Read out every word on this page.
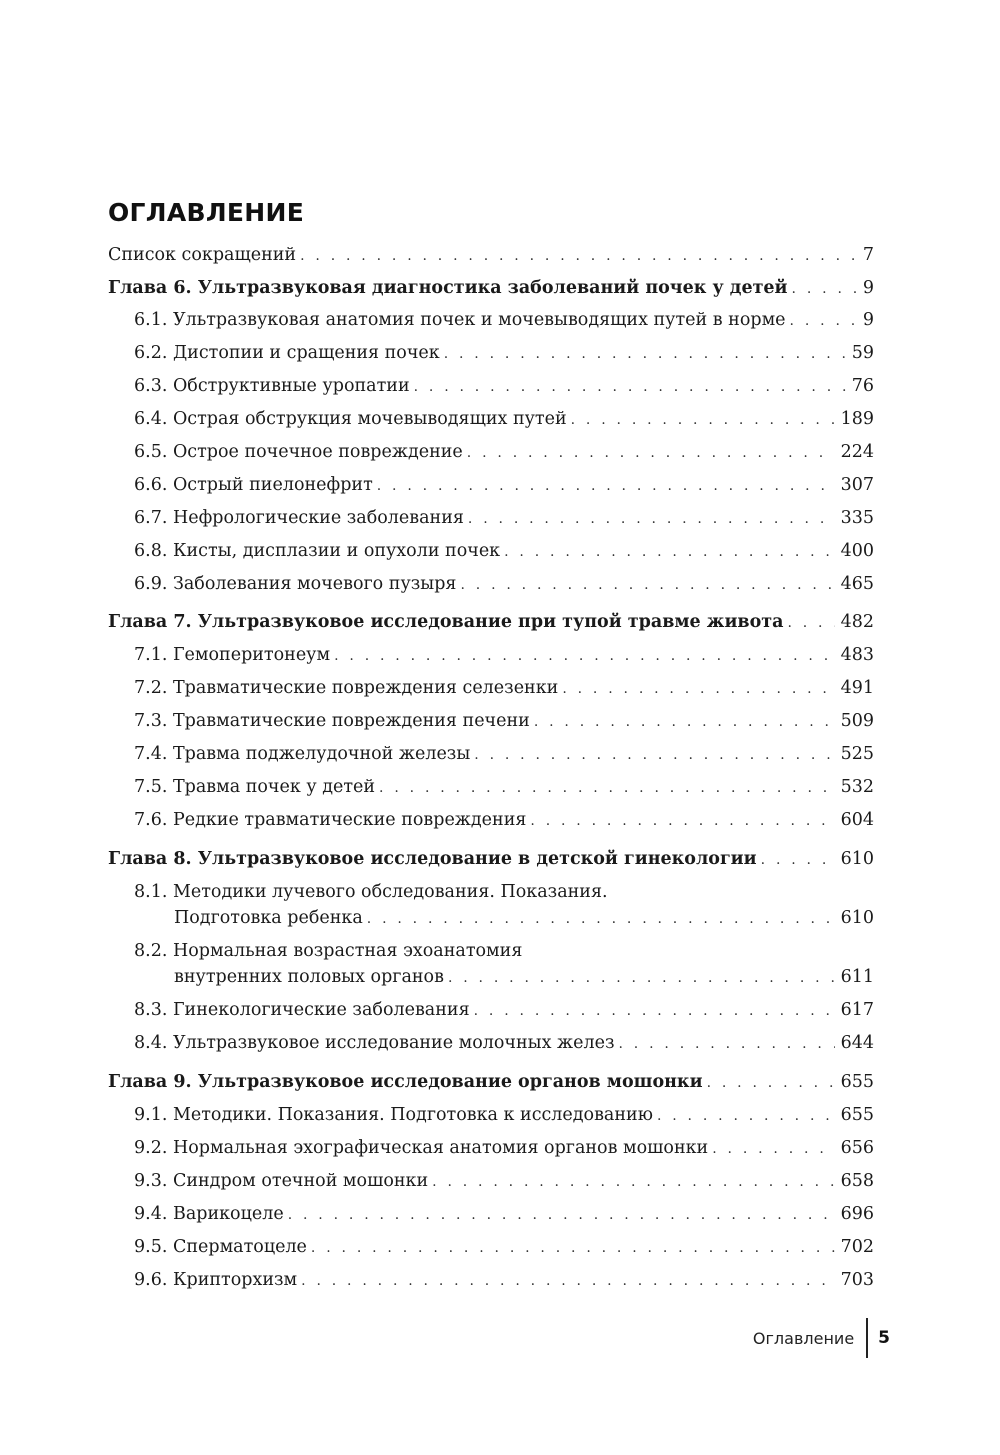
ОГЛАВЛЕНИЕ
Список сокращений . . .	7
Глава 6. Ультразвуковая диагностика заболеваний почек у детей . . .	9
6.1. Ультразвуковая анатомия почек и мочевыводящих путей в норме . . .	9
6.2. Дистопии и сращения почек . . .	59
6.3. Обструктивные уропатии . . .	76
6.4. Острая обструкция мочевыводящих путей . . .	189
6.5. Острое почечное повреждение . . .	224
6.6. Острый пиелонефрит . . .	307
6.7. Нефрологические заболевания . . .	335
6.8. Кисты, дисплазии и опухоли почек . . .	400
6.9. Заболевания мочевого пузыря . . .	465
Глава 7. Ультразвуковое исследование при тупой травме живота . . .	482
7.1. Гемоперитонеум . . .	483
7.2. Травматические повреждения селезенки . . .	491
7.3. Травматические повреждения печени . . .	509
7.4. Травма поджелудочной железы . . .	525
7.5. Травма почек у детей . . .	532
7.6. Редкие травматические повреждения . . .	604
Глава 8. Ультразвуковое исследование в детской гинекологии . . .	610
8.1. Методики лучевого обследования. Показания.
Подготовка ребенка . . .	610
8.2. Нормальная возрастная эхоанатомия
внутренних половых органов . . .	611
8.3. Гинекологические заболевания . . .	617
8.4. Ультразвуковое исследование молочных желез . . .	644
Глава 9. Ультразвуковое исследование органов мошонки . . .	655
9.1. Методики. Показания. Подготовка к исследованию . . .	655
9.2. Нормальная эхографическая анатомия органов мошонки . . .	656
9.3. Синдром отечной мошонки . . .	658
9.4. Варикоцеле . . .	696
9.5. Сперматоцеле . . .	702
9.6. Крипторхизм . . .	703
Оглавление 5
